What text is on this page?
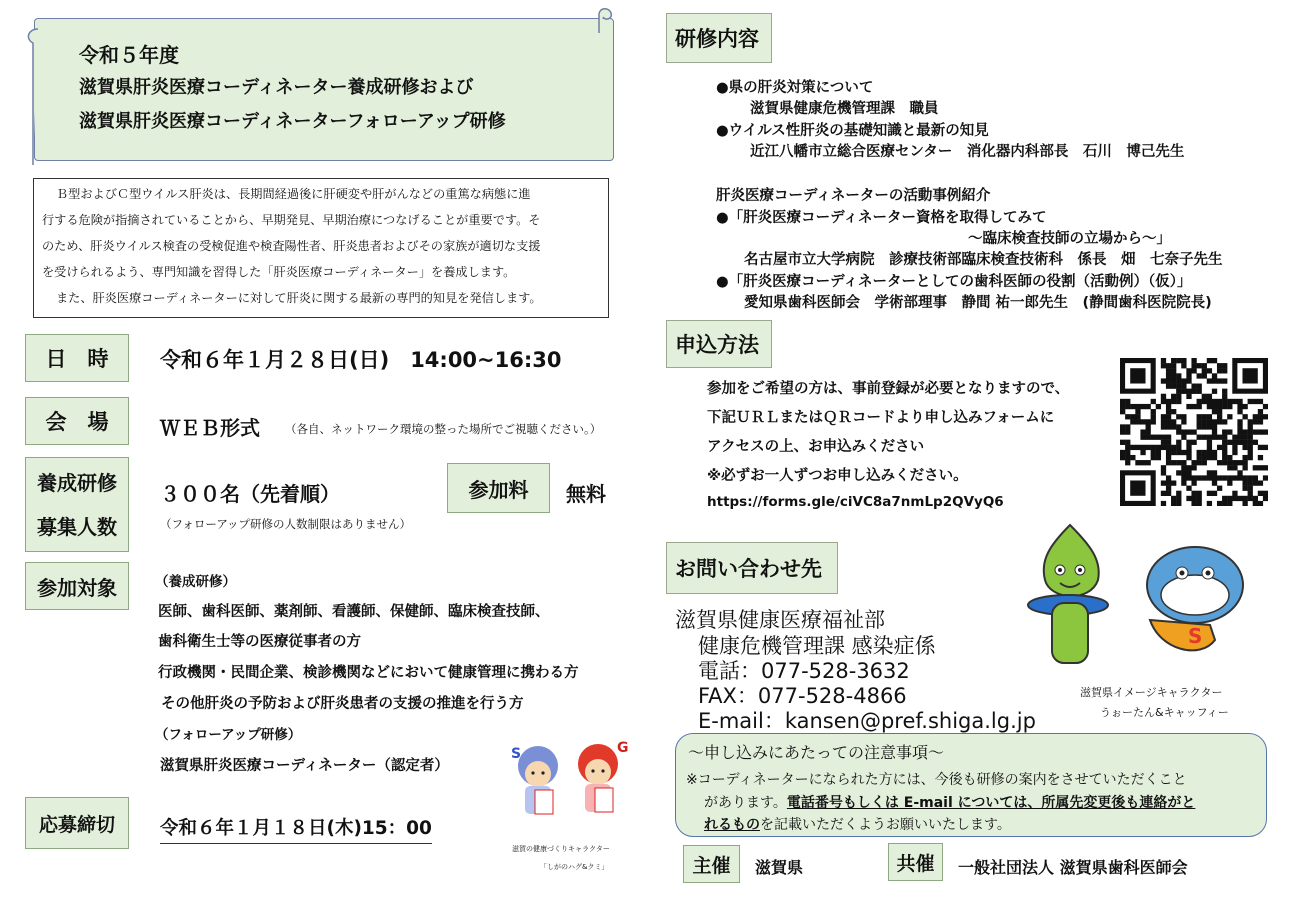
令和５年度
滋賀県肝炎医療コーディネーター養成研修および
滋賀県肝炎医療コーディネーターフォローアップ研修

Ｂ型およびＣ型ウイルス肝炎は、長期間経過後に肝硬変や肝がんなどの重篤な病態に進

行する危険が指摘されていることから、早期発見、早期治療につなげることが重要です。そ

のため、肝炎ウイルス検査の受検促進や検査陽性者、肝炎患者およびその家族が適切な支援

を受けられるよう、専門知識を習得した「肝炎医療コーディネーター」を養成します。

また、肝炎医療コーディネーターに対して肝炎に関する最新の専門的知見を発信します。

日　時	令和６年１月２８日(日)　14:00~16:30
会　場	ＷＥＢ形式 （各自、ネットワーク環境の整った場所でご視聴ください。）
養成研修
募集人数
３００名（先着順）
（フォローアップ研修の人数制限はありません）
参加料	無料
参加対象	（養成研修）
医師、歯科医師、薬剤師、看護師、保健師、臨床検査技師、
歯科衛生士等の医療従事者の方
行政機関・民間企業、検診機関などにおいて健康管理に携わる方
その他肝炎の予防および肝炎患者の支援の推進を行う方
（フォローアップ研修）
滋賀県肝炎医療コーディネーター（認定者）
応募締切	令和６年１月１８日(木)15：00
S	G
滋賀の健康づくりキャラクター
「しがのハグ&クミ」
研修内容
●県の肝炎対策について
滋賀県健康危機管理課　職員
●ウイルス性肝炎の基礎知識と最新の知見
近江八幡市立総合医療センター　消化器内科部長　石川　博己先生
肝炎医療コーディネーターの活動事例紹介
●「肝炎医療コーディネーター資格を取得してみて
～臨床検査技師の立場から～」
名古屋市立大学病院　診療技術部臨床検査技術科　係長　畑　七奈子先生
●「肝炎医療コーディネーターとしての歯科医師の役割（活動例）（仮）」
愛知県歯科医師会　学術部理事　静間 祐一郎先生　(静間歯科医院院長)
申込方法
参加をご希望の方は、事前登録が必要となりますので、
下記ＵＲＬまたはＱＲコードより申し込みフォームに
アクセスの上、お申込みください
※必ずお一人ずつお申し込みください。
https://forms.gle/ciVC8a7nmLp2QVyQ6
お問い合わせ先
滋賀県健康医療福祉部
健康危機管理課 感染症係
電話：077-528-3632
FAX：077-528-4866
E-mail：kansen@pref.shiga.lg.jp
S
滋賀県イメージキャラクター
うぉーたん&キャッフィー
～申し込みにあたっての注意事項～
※コーディネーターになられた方には、今後も研修の案内をさせていただくこと
があります。電話番号もしくは E-mail については、所属先変更後も連絡がと
れるものを記載いただくようお願いいたします。
主催	滋賀県	共催	一般社団法人 滋賀県歯科医師会
